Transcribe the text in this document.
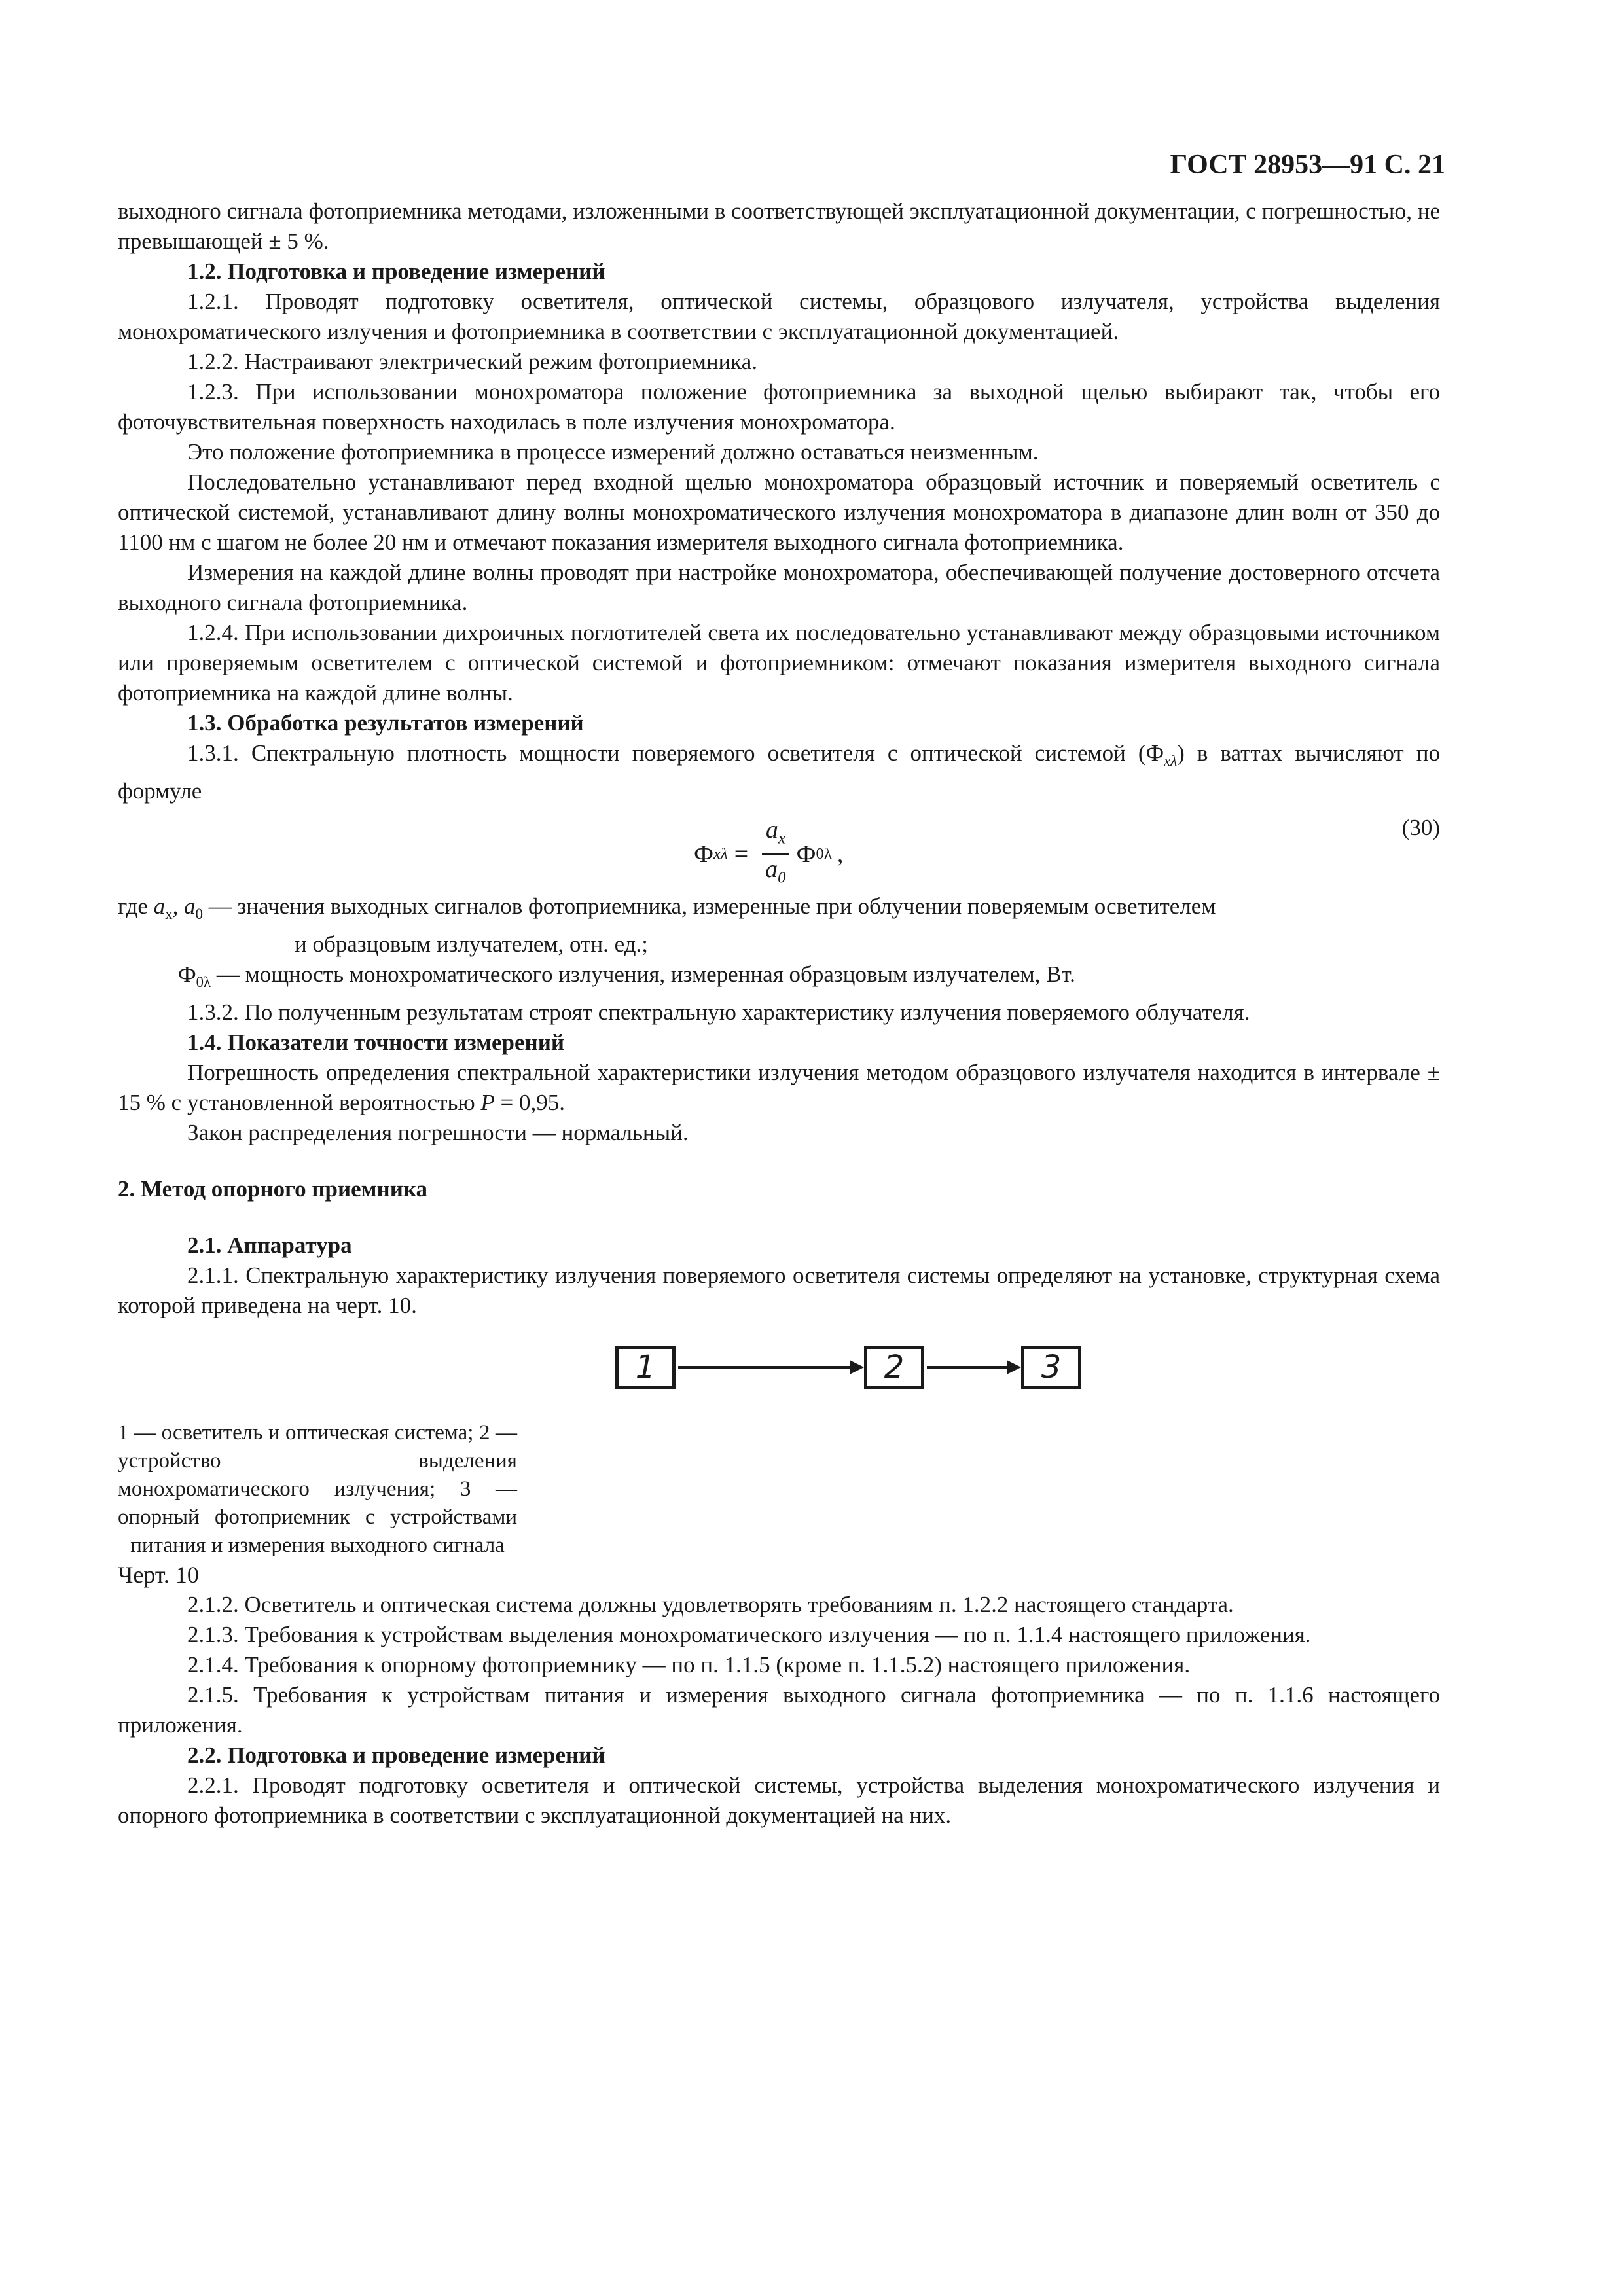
ГОСТ 28953—91 С. 21

выходного сигнала фотоприемника методами, изложенными в соответствующей эксплуатационной документации, с погрешностью, не превышающей ± 5 %.

1.2. Подготовка и проведение измерений

1.2.1. Проводят подготовку осветителя, оптической системы, образцового излучателя, устройства выделения монохроматического излучения и фотоприемника в соответствии с эксплуатационной документацией.

1.2.2. Настраивают электрический режим фотоприемника.

1.2.3. При использовании монохроматора положение фотоприемника за выходной щелью выбирают так, чтобы его фоточувствительная поверхность находилась в поле излучения монохроматора.

Это положение фотоприемника в процессе измерений должно оставаться неизменным.

Последовательно устанавливают перед входной щелью монохроматора образцовый источник и поверяемый осветитель с оптической системой, устанавливают длину волны монохроматического излучения монохроматора в диапазоне длин волн от 350 до 1100 нм с шагом не более 20 нм и отмечают показания измерителя выходного сигнала фотоприемника.

Измерения на каждой длине волны проводят при настройке монохроматора, обеспечивающей получение достоверного отсчета выходного сигнала фотоприемника.

1.2.4. При использовании дихроичных поглотителей света их последовательно устанавливают между образцовыми источником или проверяемым осветителем с оптической системой и фотоприемником: отмечают показания измерителя выходного сигнала фотоприемника на каждой длине волны.

1.3. Обработка результатов измерений

1.3.1. Спектральную плотность мощности поверяемого осветителя с оптической системой $(Ф_{x\lambda})$ в ваттах вычисляют по формуле

Ф $x\lambda = \frac{a_x}{a_0}$ Ф 0λ ,
(30)

где $a_x$, $a_0$ — значения выходных сигналов фотоприемника, измеренные при облучении поверяемым осветителем

и образцовым излучателем, отн. ед.;

$Ф_{0\lambda}$ — мощность монохроматического излучения, измеренная образцовым излучателем, Вт.

1.3.2. По полученным результатам строят спектральную характеристику излучения поверяемого облучателя.

1.4. Показатели точности измерений

Погрешность определения спектральной характеристики излучения методом образцового излучателя находится в интервале ± 15 % с установленной вероятностью P = 0,95.

Закон распределения погрешности — нормальный.

2. Метод опорного приемника

2.1. Аппаратура

2.1.1. Спектральную характеристику излучения поверяемого осветителя системы определяют на установке, структурная схема которой приведена на черт. 10.

1	2	3

1 — осветитель и оптическая система; 2 — устройство выделения монохроматического излучения; 3 — опорный фотоприемник с устройствами питания и измерения выходного сигнала

Черт. 10

2.1.2. Осветитель и оптическая система должны удовлетворять требованиям п. 1.2.2 настоящего стандарта.

2.1.3. Требования к устройствам выделения монохроматического излучения — по п. 1.1.4 настоящего приложения.

2.1.4. Требования к опорному фотоприемнику — по п. 1.1.5 (кроме п. 1.1.5.2) настоящего приложения.

2.1.5. Требования к устройствам питания и измерения выходного сигнала фотоприемника — по п. 1.1.6 настоящего приложения.

2.2. Подготовка и проведение измерений

2.2.1. Проводят подготовку осветителя и оптической системы, устройства выделения монохроматического излучения и опорного фотоприемника в соответствии с эксплуатационной документацией на них.
